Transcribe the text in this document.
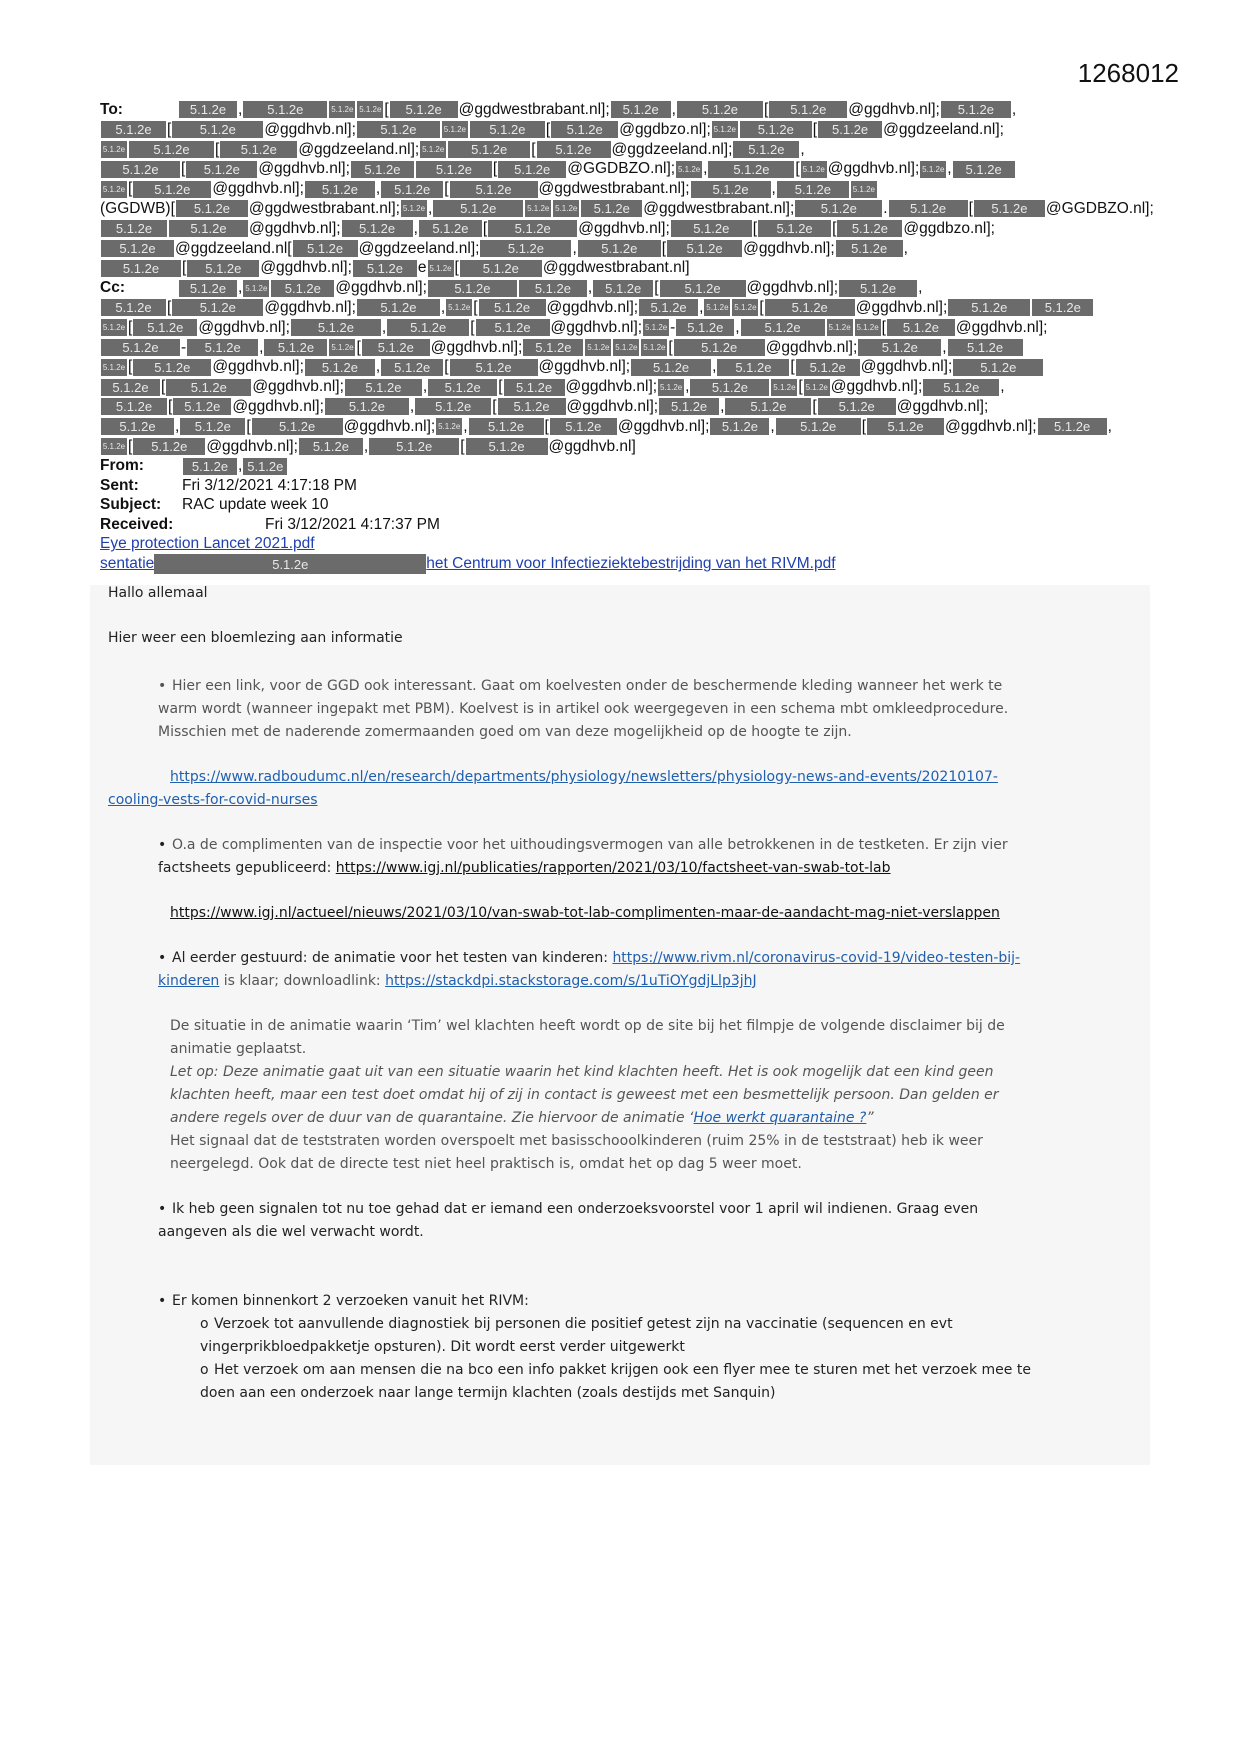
1268012
To:	5.1.2e , 5.1.2e	5.1.2e 5.1.2e [ 5.1.2e @ggdwestbrabant.nl]; 5.1.2e , 5.1.2e [ 5.1.2e @ggdhvb.nl]; 5.1.2e ,
5.1.2e [ 5.1.2e @ggdhvb.nl]; 5.1.2e	5.1.2e 5.1.2e [ 5.1.2e @ggdbzo.nl]; 5.1.2e 5.1.2e [ 5.1.2e @ggdzeeland.nl];
5.1.2e 5.1.2e [ 5.1.2e @ggdzeeland.nl]; 5.1.2e 5.1.2e [ 5.1.2e @ggdzeeland.nl]; 5.1.2e ,
5.1.2e [ 5.1.2e @ggdhvb.nl]; 5.1.2e	5.1.2e [ 5.1.2e @GGDBZO.nl]; 5.1.2e , 5.1.2e [ 5.1.2e @ggdhvb.nl]; 5.1.2e , 5.1.2e
5.1.2e [ 5.1.2e @ggdhvb.nl]; 5.1.2e , 5.1.2e [ 5.1.2e @ggdwestbrabant.nl]; 5.1.2e , 5.1.2e	5.1.2e
(GGDWB)[ 5.1.2e @ggdwestbrabant.nl]; 5.1.2e , 5.1.2e	5.1.2e 5.1.2e 5.1.2e @ggdwestbrabant.nl]; 5.1.2e . 5.1.2e [ 5.1.2e @GGDBZO.nl];
5.1.2e	5.1.2e @ggdhvb.nl]; 5.1.2e , 5.1.2e [ 5.1.2e @ggdhvb.nl]; 5.1.2e [ 5.1.2e [ 5.1.2e @ggdbzo.nl];
5.1.2e @ggdzeeland.nl[ 5.1.2e @ggdzeeland.nl]; 5.1.2e , 5.1.2e [ 5.1.2e @ggdhvb.nl]; 5.1.2e ,
5.1.2e [ 5.1.2e @ggdhvb.nl]; 5.1.2e e 5.1.2e [ 5.1.2e @ggdwestbrabant.nl]
Cc:	5.1.2e , 5.1.2e 5.1.2e @ggdhvb.nl]; 5.1.2e	5.1.2e , 5.1.2e [ 5.1.2e @ggdhvb.nl]; 5.1.2e ,
5.1.2e [ 5.1.2e @ggdhvb.nl]; 5.1.2e , 5.1.2e [ 5.1.2e @ggdhvb.nl]; 5.1.2e , 5.1.2e 5.1.2e [ 5.1.2e @ggdhvb.nl]; 5.1.2e	5.1.2e
5.1.2e [ 5.1.2e @ggdhvb.nl]; 5.1.2e , 5.1.2e [ 5.1.2e @ggdhvb.nl]; 5.1.2e - 5.1.2e , 5.1.2e	5.1.2e 5.1.2e [ 5.1.2e @ggdhvb.nl];
5.1.2e - 5.1.2e , 5.1.2e 5.1.2e [ 5.1.2e @ggdhvb.nl]; 5.1.2e 5.1.2e 5.1.2e 5.1.2e [ 5.1.2e @ggdhvb.nl]; 5.1.2e , 5.1.2e
5.1.2e [ 5.1.2e @ggdhvb.nl]; 5.1.2e , 5.1.2e [ 5.1.2e @ggdhvb.nl]; 5.1.2e , 5.1.2e [ 5.1.2e @ggdhvb.nl]; 5.1.2e
5.1.2e [ 5.1.2e @ggdhvb.nl]; 5.1.2e , 5.1.2e [ 5.1.2e @ggdhvb.nl]; 5.1.2e , 5.1.2e	5.1.2e [ 5.1.2e @ggdhvb.nl]; 5.1.2e ,
5.1.2e [ 5.1.2e @ggdhvb.nl]; 5.1.2e , 5.1.2e [ 5.1.2e @ggdhvb.nl]; 5.1.2e , 5.1.2e [ 5.1.2e @ggdhvb.nl];
5.1.2e , 5.1.2e [ 5.1.2e @ggdhvb.nl]; 5.1.2e , 5.1.2e [ 5.1.2e @ggdhvb.nl]; 5.1.2e , 5.1.2e [ 5.1.2e @ggdhvb.nl]; 5.1.2e ,
5.1.2e [ 5.1.2e @ggdhvb.nl]; 5.1.2e , 5.1.2e [ 5.1.2e @ggdhvb.nl]
From:	5.1.2e , 5.1.2e
Sent:	Fri 3/12/2021 4:17:18 PM
Subject: RAC update week 10
Received:	Fri 3/12/2021 4:17:37 PM
Eye protection Lancet 2021.pdf
sentatie	5.1.2e	het Centrum voor Infectieziektebestrijding van het RIVM.pdf
Hallo allemaal
Hier weer een bloemlezing aan informatie
• Hier een link, voor de GGD ook interessant. Gaat om koelvesten onder de beschermende kleding wanneer het werk te
warm wordt (wanneer ingepakt met PBM). Koelvest is in artikel ook weergegeven in een schema mbt omkleedprocedure.
Misschien met de naderende zomermaanden goed om van deze mogelijkheid op de hoogte te zijn.
https://www.radboudumc.nl/en/research/departments/physiology/newsletters/physiology-news-and-events/20210107-
cooling-vests-for-covid-nurses
• O.a de complimenten van de inspectie voor het uithoudingsvermogen van alle betrokkenen in de testketen. Er zijn vier
factsheets gepubliceerd: https://www.igj.nl/publicaties/rapporten/2021/03/10/factsheet-van-swab-tot-lab
https://www.igj.nl/actueel/nieuws/2021/03/10/van-swab-tot-lab-complimenten-maar-de-aandacht-mag-niet-verslappen
• Al eerder gestuurd: de animatie voor het testen van kinderen: https://www.rivm.nl/coronavirus-covid-19/video-testen-bij-
kinderen is klaar; downloadlink: https://stackdpi.stackstorage.com/s/1uTiOYgdjLlp3jhJ
De situatie in de animatie waarin ‘Tim’ wel klachten heeft wordt op de site bij het filmpje de volgende disclaimer bij de
animatie geplaatst.
Let op: Deze animatie gaat uit van een situatie waarin het kind klachten heeft. Het is ook mogelijk dat een kind geen
klachten heeft, maar een test doet omdat hij of zij in contact is geweest met een besmettelijk persoon. Dan gelden er
andere regels over de duur van de quarantaine. Zie hiervoor de animatie ‘Hoe werkt quarantaine ?”
Het signaal dat de teststraten worden overspoelt met basisschooolkinderen (ruim 25% in de teststraat) heb ik weer
neergelegd. Ook dat de directe test niet heel praktisch is, omdat het op dag 5 weer moet.
• Ik heb geen signalen tot nu toe gehad dat er iemand een onderzoeksvoorstel voor 1 april wil indienen. Graag even
aangeven als die wel verwacht wordt.
• Er komen binnenkort 2 verzoeken vanuit het RIVM:
o Verzoek tot aanvullende diagnostiek bij personen die positief getest zijn na vaccinatie (sequencen en evt
vingerprikbloedpakketje opsturen). Dit wordt eerst verder uitgewerkt
o Het verzoek om aan mensen die na bco een info pakket krijgen ook een flyer mee te sturen met het verzoek mee te
doen aan een onderzoek naar lange termijn klachten (zoals destijds met Sanquin)
